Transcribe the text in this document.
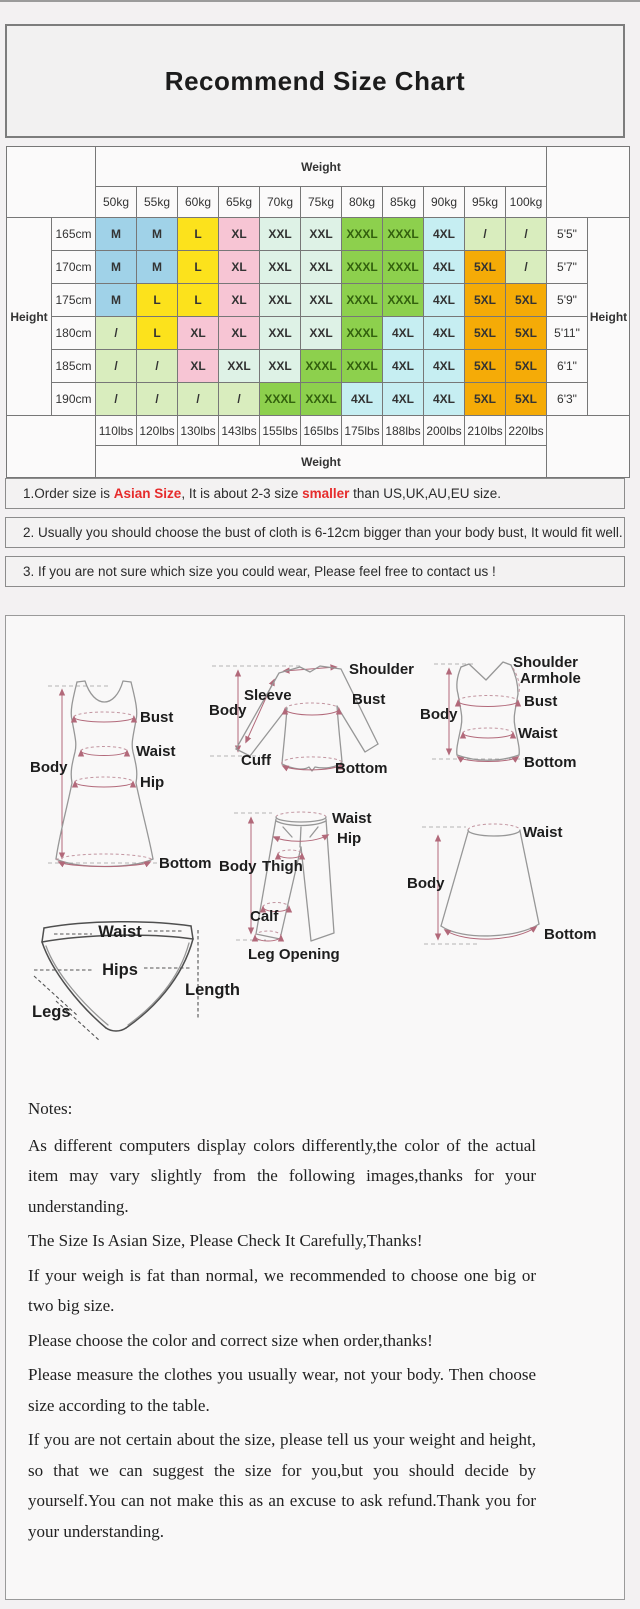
Recommend Size Chart
		Weight												
		50kg	55kg	60kg	65kg	70kg	75kg	80kg	85kg	90kg	95kg	100kg		
Height	165cm	M	M	L	XL	XXL	XXL	XXXL	XXXL	4XL	/	/	5'5"	Height
	170cm	M	M	L	XL	XXL	XXL	XXXL	XXXL	4XL	5XL	/	5'7"	
	175cm	M	L	L	XL	XXL	XXL	XXXL	XXXL	4XL	5XL	5XL	5'9"	
	180cm	/	L	XL	XL	XXL	XXL	XXXL	4XL	4XL	5XL	5XL	5'11"	
	185cm	/	/	XL	XXL	XXL	XXXL	XXXL	4XL	4XL	5XL	5XL	6'1"	
	190cm	/	/	/	/	XXXL	XXXL	4XL	4XL	4XL	5XL	5XL	6'3"	
		110lbs	120lbs	130lbs	143lbs	155lbs	165lbs	175lbs	188lbs	200lbs	210lbs	220lbs		
		Weight												
1.Order size is Asian Size, It is about 2-3 size smaller than US,UK,AU,EU size.
2. Usually you should choose the bust of cloth is 6-12cm bigger than your body bust, It would fit well.
3. If you are not sure which size you could wear, Please feel free to contact us !
Body
Bust
Waist
Hip
Bottom
Sleeve
Body
Cuff
Shoulder
Bust
Bottom
Body
Shoulder
Armhole
Bust
Waist
Bottom
Waist
Hip
Body Thigh
Calf
Leg Opening
Waist
Hips
Legs
Length
Waist
Body
Bottom
Notes:

As different computers display colors differently,the color of the actual item may vary slightly from the following images,thanks for your understanding.

The Size Is Asian Size, Please Check It Carefully,Thanks!

If your weigh is fat than normal, we recommended to choose one big or two big size.

Please choose the color and correct size when order,thanks!

Please measure the clothes you usually wear, not your body. Then choose size according to the table.

If you are not certain about the size, please tell us your weight and height, so that we can suggest the size for you,but you should decide by yourself.You can not make this as an excuse to ask refund.Thank you for your understanding.
